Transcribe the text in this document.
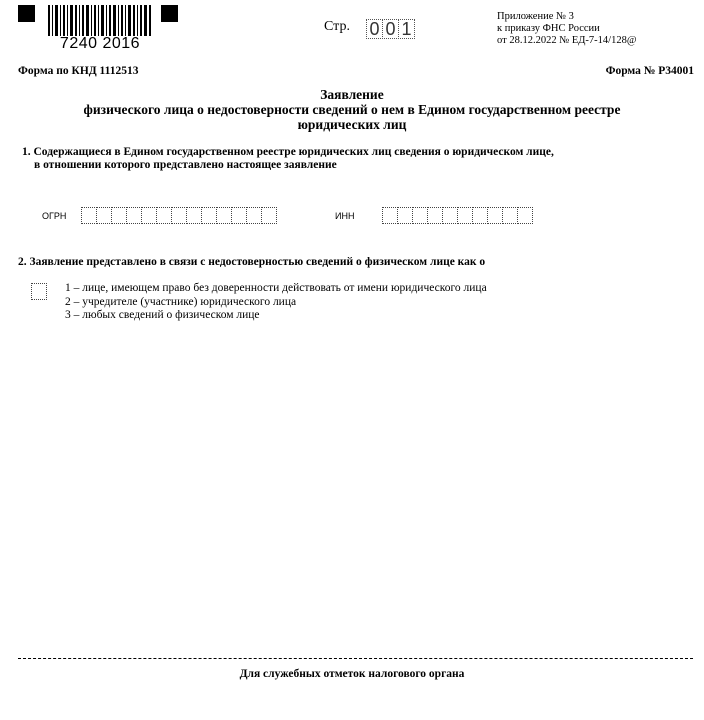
7240 2016
Стр. 0 0 1
Приложение № 3
к приказу ФНС России
от 28.12.2022 № ЕД-7-14/128@
Форма по КНД 1112513	Форма № Р34001
Заявление
физического лица о недостоверности сведений о нем в Едином государственном реестре
юридических лиц
1. Содержащиеся в Едином государственном реестре юридических лиц сведения о юридическом лице,
в отношении которого представлено настоящее заявление
ОГРН	ИНН
2. Заявление представлено в связи с недостоверностью сведений о физическом лице как о
1 – лице, имеющем право без доверенности действовать от имени юридического лица
2 – учредителе (участнике) юридического лица
3 – любых сведений о физическом лице
Для служебных отметок налогового органа
